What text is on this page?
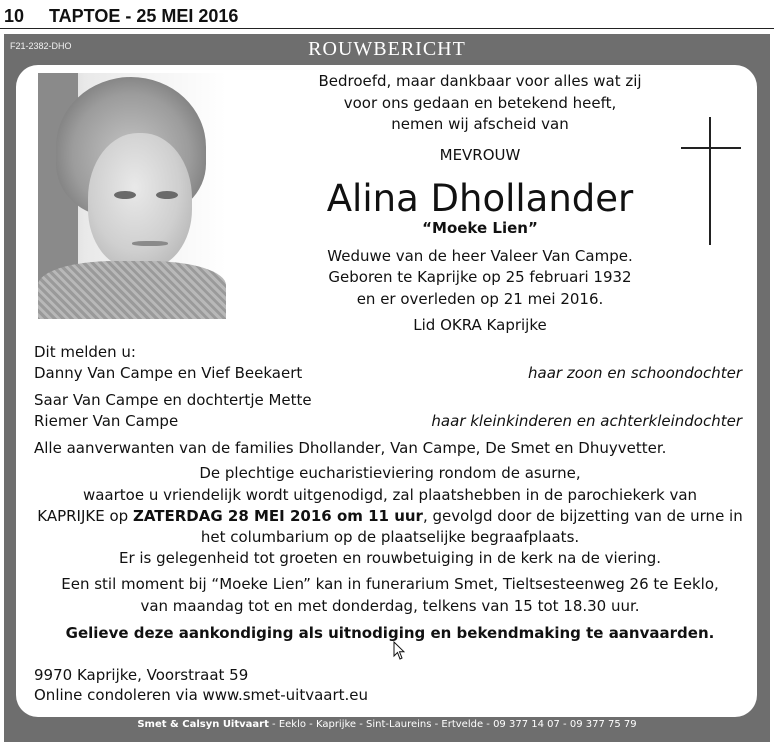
10 TAPTOE - 25 MEI 2016
F21-2382-DHO	ROUWBERICHT
Bedroefd, maar dankbaar voor alles wat zij
voor ons gedaan en betekend heeft,
nemen wij afscheid van
MEVROUW
Alina Dhollander
“Moeke Lien”
Weduwe van de heer Valeer Van Campe.
Geboren te Kaprijke op 25 februari 1932
en er overleden op 21 mei 2016.
Lid OKRA Kaprijke
Dit melden u:
Danny Van Campe en Vief Beekaert	haar zoon en schoondochter
Saar Van Campe en dochtertje Mette
Riemer Van Campe	haar kleinkinderen en achterkleindochter
Alle aanverwanten van de families Dhollander, Van Campe, De Smet en Dhuyvetter.
De plechtige eucharistieviering rondom de asurne,
waartoe u vriendelijk wordt uitgenodigd, zal plaatshebben in de parochiekerk van
KAPRIJKE op ZATERDAG 28 MEI 2016 om 11 uur, gevolgd door de bijzetting van de urne in
het columbarium op de plaatselijke begraafplaats.
Er is gelegenheid tot groeten en rouwbetuiging in de kerk na de viering.
Een stil moment bij “Moeke Lien” kan in funerarium Smet, Tieltsesteenweg 26 te Eeklo,
van maandag tot en met donderdag, telkens van 15 tot 18.30 uur.
Gelieve deze aankondiging als uitnodiging en bekendmaking te aanvaarden.
9970 Kaprijke, Voorstraat 59
Online condoleren via www.smet-uitvaart.eu
Smet & Calsyn Uitvaart - Eeklo - Kaprijke - Sint-Laureins - Ertvelde - 09 377 14 07 - 09 377 75 79
